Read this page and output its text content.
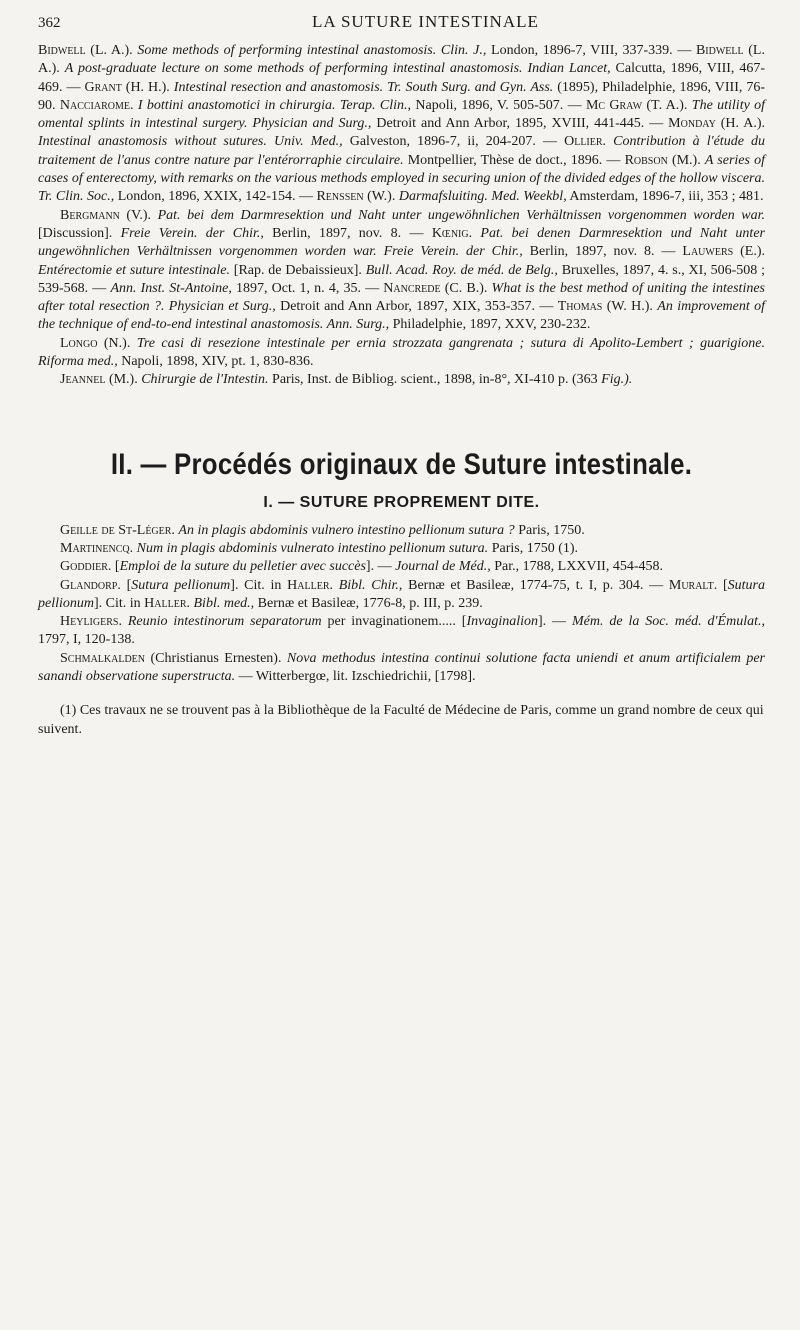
362	LA SUTURE INTESTINALE

Bidwell (L. A.). Some methods of performing intestinal anastomosis. Clin. J., London, 1896-7, VIII, 337-339. — Bidwell (L. A.). A post-graduate lecture on some methods of performing intestinal anastomosis. Indian Lancet, Calcutta, 1896, VIII, 467-469. — Grant (H. H.). Intestinal resection and anastomosis. Tr. South Surg. and Gyn. Ass. (1895), Philadelphie, 1896, VIII, 76-90. Nacciarome. I bottini anastomotici in chirurgia. Terap. Clin., Napoli, 1896, V. 505-507. — Mc Graw (T. A.). The utility of omental splints in intestinal surgery. Physician and Surg., Detroit and Ann Arbor, 1895, XVIII, 441-445. — Monday (H. A.). Intestinal anastomosis without sutures. Univ. Med., Galveston, 1896-7, ii, 204-207. — Ollier. Contribution à l'étude du traitement de l'anus contre nature par l'entérorraphie circulaire. Montpellier, Thèse de doct., 1896. — Robson (M.). A series of cases of enterectomy, with remarks on the various methods employed in securing union of the divided edges of the hollow viscera. Tr. Clin. Soc., London, 1896, XXIX, 142-154. — Renssen (W.). Darmafsluiting. Med. Weekbl, Amsterdam, 1896-7, iii, 353 ; 481.

Bergmann (V.). Pat. bei dem Darmresektion und Naht unter ungewöhnlichen Verhältnissen vorgenommen worden war. [Discussion]. Freie Verein. der Chir., Berlin, 1897, nov. 8. — Kœnig. Pat. bei denen Darmresektion und Naht unter ungewöhnlichen Verhältnissen vorgenommen worden war. Freie Verein. der Chir., Berlin, 1897, nov. 8. — Lauwers (E.). Entérectomie et suture intestinale. [Rap. de Debaissieux]. Bull. Acad. Roy. de méd. de Belg., Bruxelles, 1897, 4. s., XI, 506-508 ; 539-568. — Ann. Inst. St-Antoine, 1897, Oct. 1, n. 4, 35. — Nancrede (C. B.). What is the best method of uniting the intestines after total resection ?. Physician et Surg., Detroit and Ann Arbor, 1897, XIX, 353-357. — Thomas (W. H.). An improvement of the technique of end-to-end intestinal anastomosis. Ann. Surg., Philadelphie, 1897, XXV, 230-232.

Longo (N.). Tre casi di resezione intestinale per ernia strozzata gangrenata ; sutura di Apolito-Lembert ; guarigione. Riforma med., Napoli, 1898, XIV, pt. 1, 830-836.

Jeannel (M.). Chirurgie de l'Intestin. Paris, Inst. de Bibliog. scient., 1898, in-8°, XI-410 p. (363 Fig.).

II. — Procédés originaux de Suture intestinale.
I. — SUTURE PROPREMENT DITE.

Geille de St-Léger. An in plagis abdominis vulnero intestino pellionum sutura ? Paris, 1750.

Martinencq. Num in plagis abdominis vulnerato intestino pellionum sutura. Paris, 1750 (1).

Goddier. [Emploi de la suture du pelletier avec succès]. — Journal de Méd., Par., 1788, LXXVII, 454-458.

Glandorp. [Sutura pellionum]. Cit. in Haller. Bibl. Chir., Bernæ et Basileæ, 1774-75, t. I, p. 304. — Muralt. [Sutura pellionum]. Cit. in Haller. Bibl. med., Bernæ et Basileæ, 1776-8, p. III, p. 239.

Heyligers. Reunio intestinorum separatorum per invaginationem..... [Invaginalion]. — Mém. de la Soc. méd. d'Émulat., 1797, I, 120-138.

Schmalkalden (Christianus Ernesten). Nova methodus intestina continui solutione facta uniendi et anum artificialem per sanandi observatione superstructa. — Witterbergœ, lit. Izschiedrichii, [1798].

(1) Ces travaux ne se trouvent pas à la Bibliothèque de la Faculté de Médecine de Paris, comme un grand nombre de ceux qui suivent.
